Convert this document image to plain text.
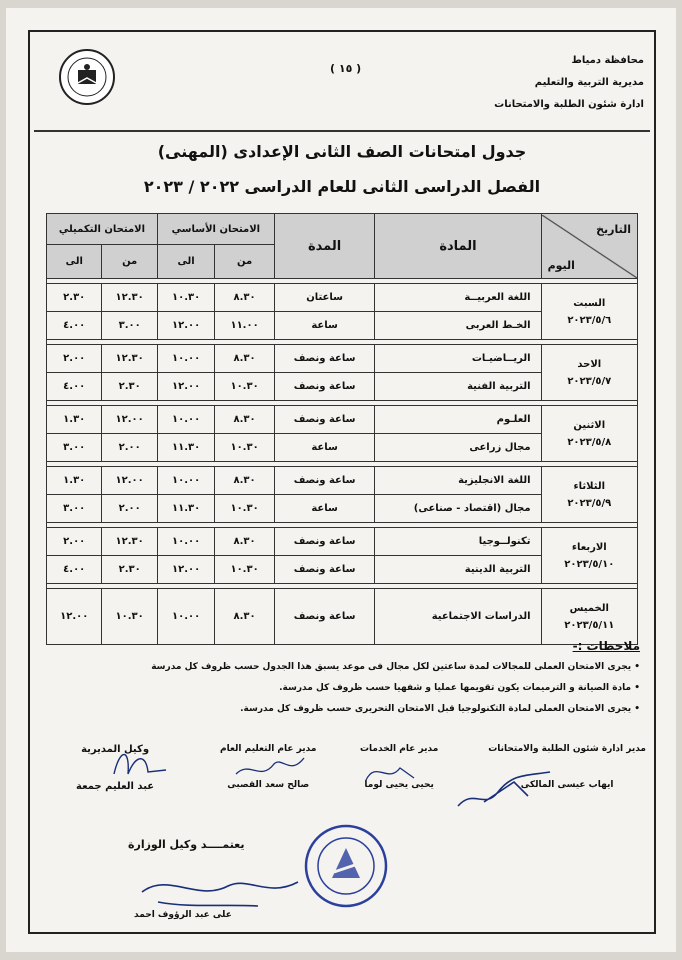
محافظة دمياط
مديرية التربية والتعليم
ادارة شئون الطلبة والامتحانات
( ١٥ )
جدول امتحانات الصف الثانى الإعدادى (المهنى)
الفصل الدراسى الثانى للعام الدراسى ٢٠٢٢ / ٢٠٢٣
التاريخ
اليوم	المادة	المدة	الامتحان الأساسي		الامتحان التكميلي	
			من	الى	من	الى

السبت
٢٠٢٣/٥/٦	اللغة العربيــة	ساعتان	٨.٣٠	١٠.٣٠	١٢.٣٠	٢.٣٠
	الخـط العربى	ساعة	١١.٠٠	١٢.٠٠	٣.٠٠	٤.٠٠

الاحد
٢٠٢٣/٥/٧	الريــاضيـات	ساعة ونصف	٨.٣٠	١٠.٠٠	١٢.٣٠	٢.٠٠
	التربية الفنية	ساعة ونصف	١٠.٣٠	١٢.٠٠	٢.٣٠	٤.٠٠

الاثنين
٢٠٢٣/٥/٨	العلـوم	ساعة ونصف	٨.٣٠	١٠.٠٠	١٢.٠٠	١.٣٠
	مجال زراعى	ساعة	١٠.٣٠	١١.٣٠	٢.٠٠	٣.٠٠

الثلاثاء
٢٠٢٣/٥/٩	اللغة الانجليزية	ساعة ونصف	٨.٣٠	١٠.٠٠	١٢.٠٠	١.٣٠
	مجال (اقتصاد - صناعى)	ساعة	١٠.٣٠	١١.٣٠	٢.٠٠	٣.٠٠

الاربعاء
٢٠٢٣/٥/١٠	تكنولــوجيا	ساعة ونصف	٨.٣٠	١٠.٠٠	١٢.٣٠	٢.٠٠
	التربية الدينية	ساعة ونصف	١٠.٣٠	١٢.٠٠	٢.٣٠	٤.٠٠

الخميس
٢٠٢٣/٥/١١	الدراسات الاجتماعية	ساعة ونصف	٨.٣٠	١٠.٠٠	١٠.٣٠	١٢.٠٠
ملاحظات :-
• يجرى الامتحان العملى للمجالات لمدة ساعتين لكل مجال فى موعد يسبق هذا الجدول حسب ظروف كل مدرسة
• مادة الصيانة و الترميمات يكون تقويمها عمليا و شفهيا حسب ظروف كل مدرسة.
• يجرى الامتحان العملى لمادة التكنولوجيا قبل الامتحان التحريرى حسب ظروف كل مدرسة.
مدير ادارة شئون الطلبة والامتحانات
ايهاب عيسى المالكى
مدير عام الخدمات
يحيى يحيى لوما
مدير عام التعليم العام
صالح سعد القصبى
وكيل المديرية
عبد العليم جمعة
يعتمــــد وكيل الوزارة
على عبد الرؤوف احمد
